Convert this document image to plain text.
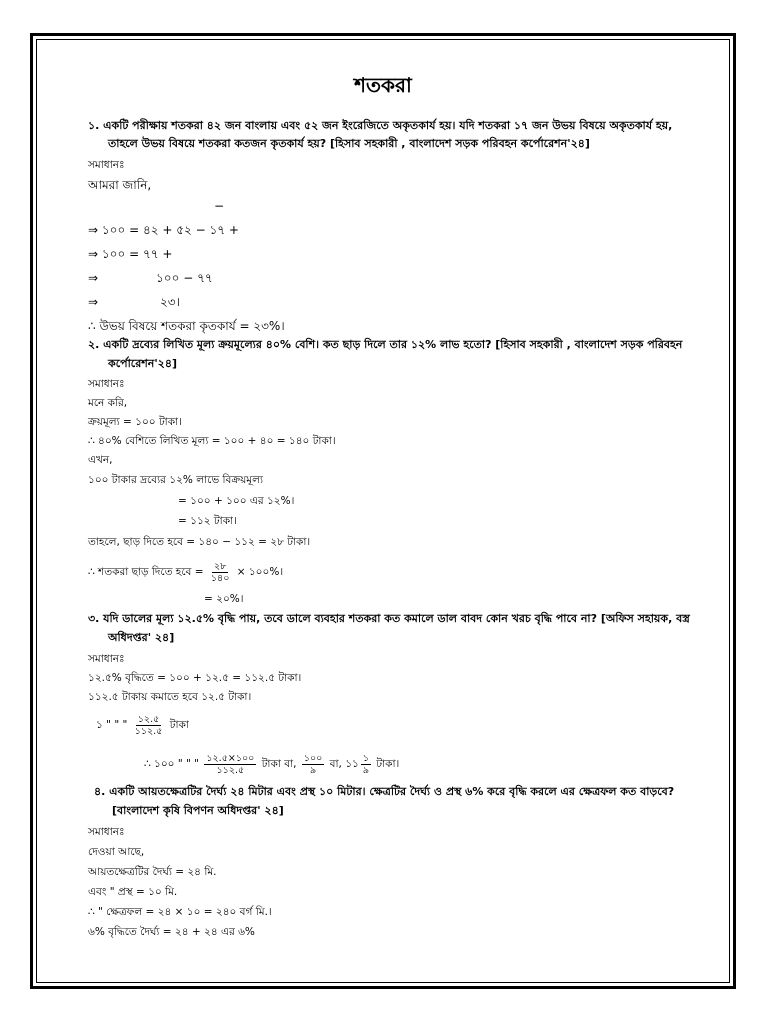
শতকরা
১. একটি পরীক্ষায় শতকরা ৪২ জন বাংলায় এবং ৫২ জন ইংরেজিতে অকৃতকার্য হয়। যদি শতকরা ১৭ জন উভয় বিষয়ে অকৃতকার্য হয়,
তাহলে উভয় বিষয়ে শতকরা কতজন কৃতকার্য হয়? [হিসাব সহকারী , বাংলাদেশ সড়ক পরিবহন কর্পোরেশন'২৪]
সমাধানঃ
আমরা জানি,
−
⇒ ১০০ = ৪২ + ৫২ − ১৭ +
⇒ ১০০ = ৭৭ +
⇒	১০০ − ৭৭
⇒	২৩।
∴ উভয় বিষয়ে শতকরা কৃতকার্য = ২৩%।
২. একটি দ্রব্যের লিখিত মূল্য ক্রয়মূল্যের ৪০% বেশি। কত ছাড় দিলে তার ১২% লাভ হতো? [হিসাব সহকারী , বাংলাদেশ সড়ক পরিবহন
কর্পোরেশন'২৪]
সমাধানঃ
মনে করি,
ক্রয়মূল্য = ১০০ টাকা।
∴ ৪০% বেশিতে লিখিত মূল্য = ১০০ + ৪০ = ১৪০ টাকা।
এখন,
১০০ টাকার দ্রব্যের ১২% লাভে বিক্রয়মূল্য
= ১০০ + ১০০ এর ১২%।
= ১১২ টাকা।
তাহলে, ছাড় দিতে হবে = ১৪০ − ১১২ = ২৮ টাকা।
∴ শতকরা ছাড় দিতে হবে = $\frac{২৮}{১৪০}$ × ১০০%।
= ২০%।
৩. যদি ডালের মূল্য ১২.৫% বৃদ্ধি পায়, তবে ডালে ব্যবহার শতকরা কত কমালে ডাল বাবদ কোন খরচ বৃদ্ধি পাবে না? [অফিস সহায়ক, বস্ত্র
অধিদপ্তর' ২৪]
সমাধানঃ
১২.৫% বৃদ্ধিতে = ১০০ + ১২.৫ = ১১২.৫ টাকা।
১১২.৫ টাকায় কমাতে হবে ১২.৫ টাকা।
১ " " " $\frac{১২.৫}{১১২.৫}$ টাকা
∴ ১০০ " " " $\frac{১২.৫\times ১০০}{১১২.৫}$ টাকা বা, $\frac{১০০}{৯}$ বা, ১১ $\frac{১}{৯}$ টাকা।
৪. একটি আয়তক্ষেত্রটির দৈর্ঘ্য ২৪ মিটার এবং প্রস্থ ১০ মিটার। ক্ষেত্রটির দৈর্ঘ্য ও প্রস্থ ৬% করে বৃদ্ধি করলে এর ক্ষেত্রফল কত বাড়বে?
[বাংলাদেশ কৃষি বিপণন অধিদপ্তর' ২৪]
সমাধানঃ
দেওয়া আছে,
আয়তক্ষেত্রটির দৈর্ঘ্য = ২৪ মি.
এবং " প্রস্থ = ১০ মি.
∴ " ক্ষেত্রফল = ২৪ × ১০ = ২৪০ বর্গ মি.।
৬% বৃদ্ধিতে দৈর্ঘ্য = ২৪ + ২৪ এর ৬%
